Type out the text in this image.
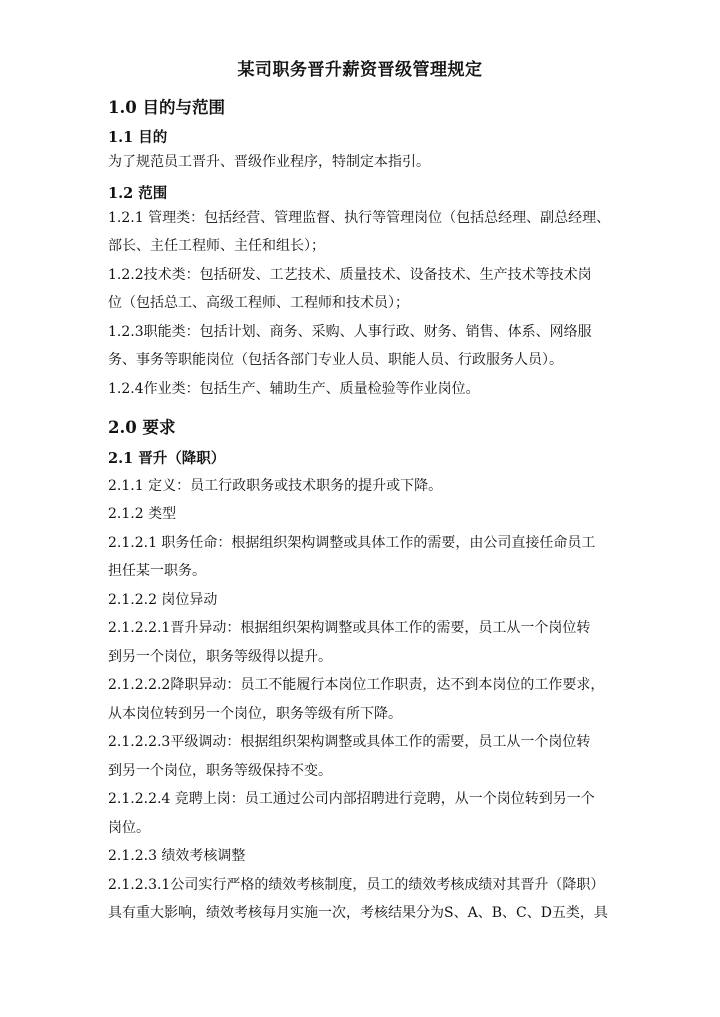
某司职务晋升薪资晋级管理规定
1.0 目的与范围
1.1 目的
为了规范员工晋升、晋级作业程序，特制定本指引。
1.2 范围
1.2.1 管理类：包括经营、管理监督、执行等管理岗位（包括总经理、副总经理、
部长、主任工程师、主任和组长）；
1.2.2技术类：包括研发、工艺技术、质量技术、设备技术、生产技术等技术岗
位（包括总工、高级工程师、工程师和技术员）；
1.2.3职能类：包括计划、商务、采购、人事行政、财务、销售、体系、网络服
务、事务等职能岗位（包括各部门专业人员、职能人员、行政服务人员）。
1.2.4作业类：包括生产、辅助生产、质量检验等作业岗位。
2.0 要求
2.1 晋升（降职）
2.1.1 定义：员工行政职务或技术职务的提升或下降。
2.1.2 类型
2.1.2.1 职务任命：根据组织架构调整或具体工作的需要，由公司直接任命员工
担任某一职务。
2.1.2.2 岗位异动
2.1.2.2.1晋升异动：根据组织架构调整或具体工作的需要，员工从一个岗位转
到另一个岗位，职务等级得以提升。
2.1.2.2.2降职异动：员工不能履行本岗位工作职责，达不到本岗位的工作要求，
从本岗位转到另一个岗位，职务等级有所下降。
2.1.2.2.3平级调动：根据组织架构调整或具体工作的需要，员工从一个岗位转
到另一个岗位，职务等级保持不变。
2.1.2.2.4 竞聘上岗：员工通过公司内部招聘进行竞聘，从一个岗位转到另一个
岗位。
2.1.2.3 绩效考核调整
2.1.2.3.1公司实行严格的绩效考核制度，员工的绩效考核成绩对其晋升（降职）
具有重大影响，绩效考核每月实施一次，考核结果分为S、A、B、C、D五类，具
